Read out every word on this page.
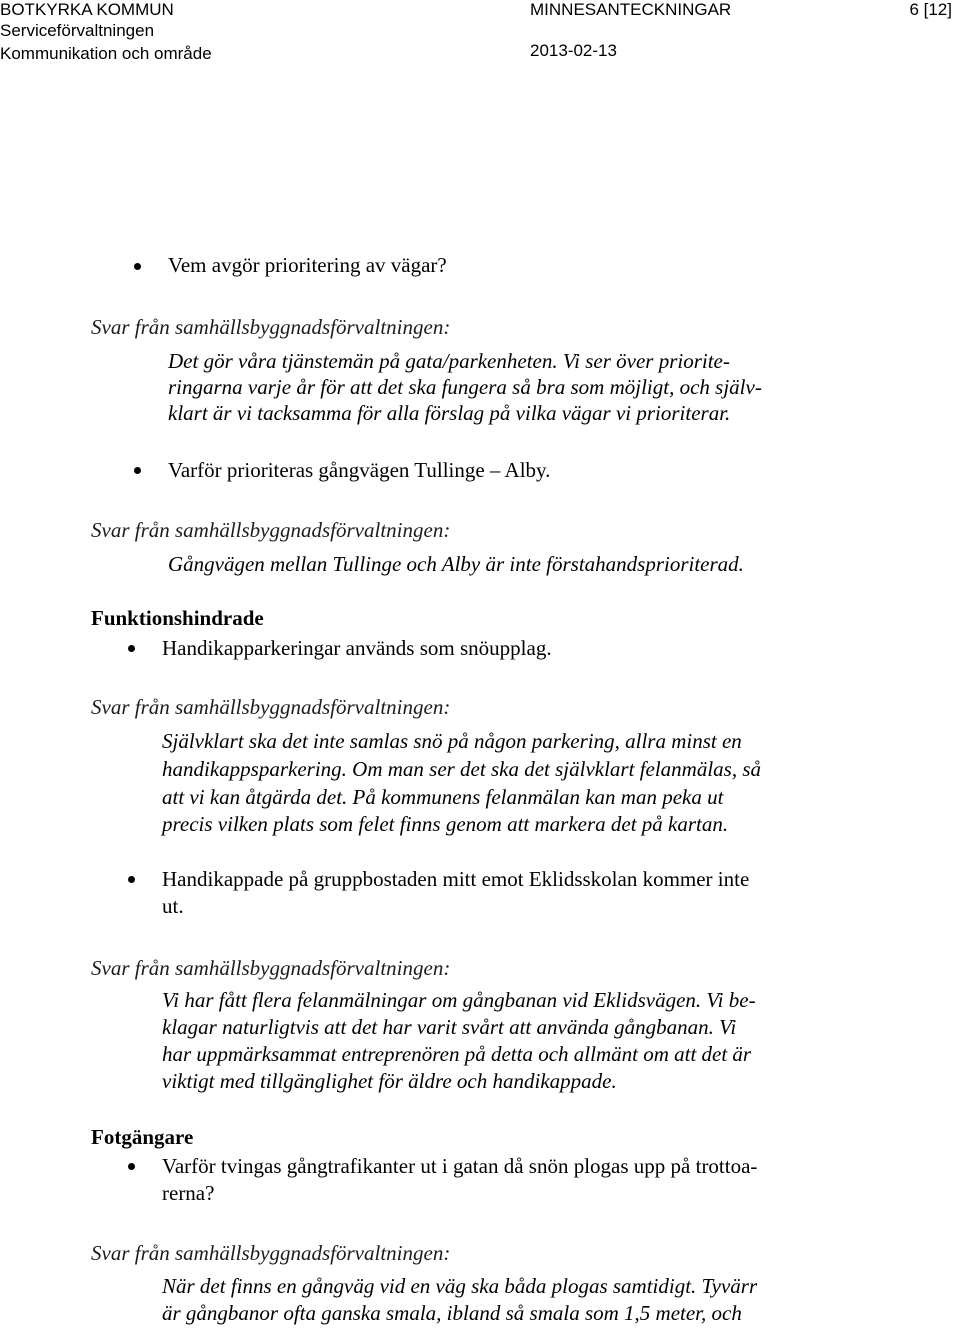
BOTKYRKA KOMMUN
Serviceförvaltningen
Kommunikation och område
MINNESANTECKNINGAR
2013-02-13
6 [12]
Vem avgör prioritering av vägar?
Svar från samhällsbyggnadsförvaltningen:
Det gör våra tjänstemän på gata/parkenheten. Vi ser över priorite-
ringarna varje år för att det ska fungera så bra som möjligt, och själv-
klart är vi tacksamma för alla förslag på vilka vägar vi prioriterar.
Varför prioriteras gångvägen Tullinge – Alby.
Svar från samhällsbyggnadsförvaltningen:
Gångvägen mellan Tullinge och Alby är inte förstahandsprioriterad.
Funktionshindrade
Handikapparkeringar används som snöupplag.
Svar från samhällsbyggnadsförvaltningen:
Självklart ska det inte samlas snö på någon parkering, allra minst en
handikappsparkering. Om man ser det ska det självklart felanmälas, så
att vi kan åtgärda det. På kommunens felanmälan kan man peka ut
precis vilken plats som felet finns genom att markera det på kartan.
Handikappade på gruppbostaden mitt emot Eklidsskolan kommer inte
ut.
Svar från samhällsbyggnadsförvaltningen:
Vi har fått flera felanmälningar om gångbanan vid Eklidsvägen. Vi be-
klagar naturligtvis att det har varit svårt att använda gångbanan. Vi
har uppmärksammat entreprenören på detta och allmänt om att det är
viktigt med tillgänglighet för äldre och handikappade.
Fotgängare
Varför tvingas gångtrafikanter ut i gatan då snön plogas upp på trottoa-
rerna?
Svar från samhällsbyggnadsförvaltningen:
När det finns en gångväg vid en väg ska båda plogas samtidigt. Tyvärr
är gångbanor ofta ganska smala, ibland så smala som 1,5 meter, och
